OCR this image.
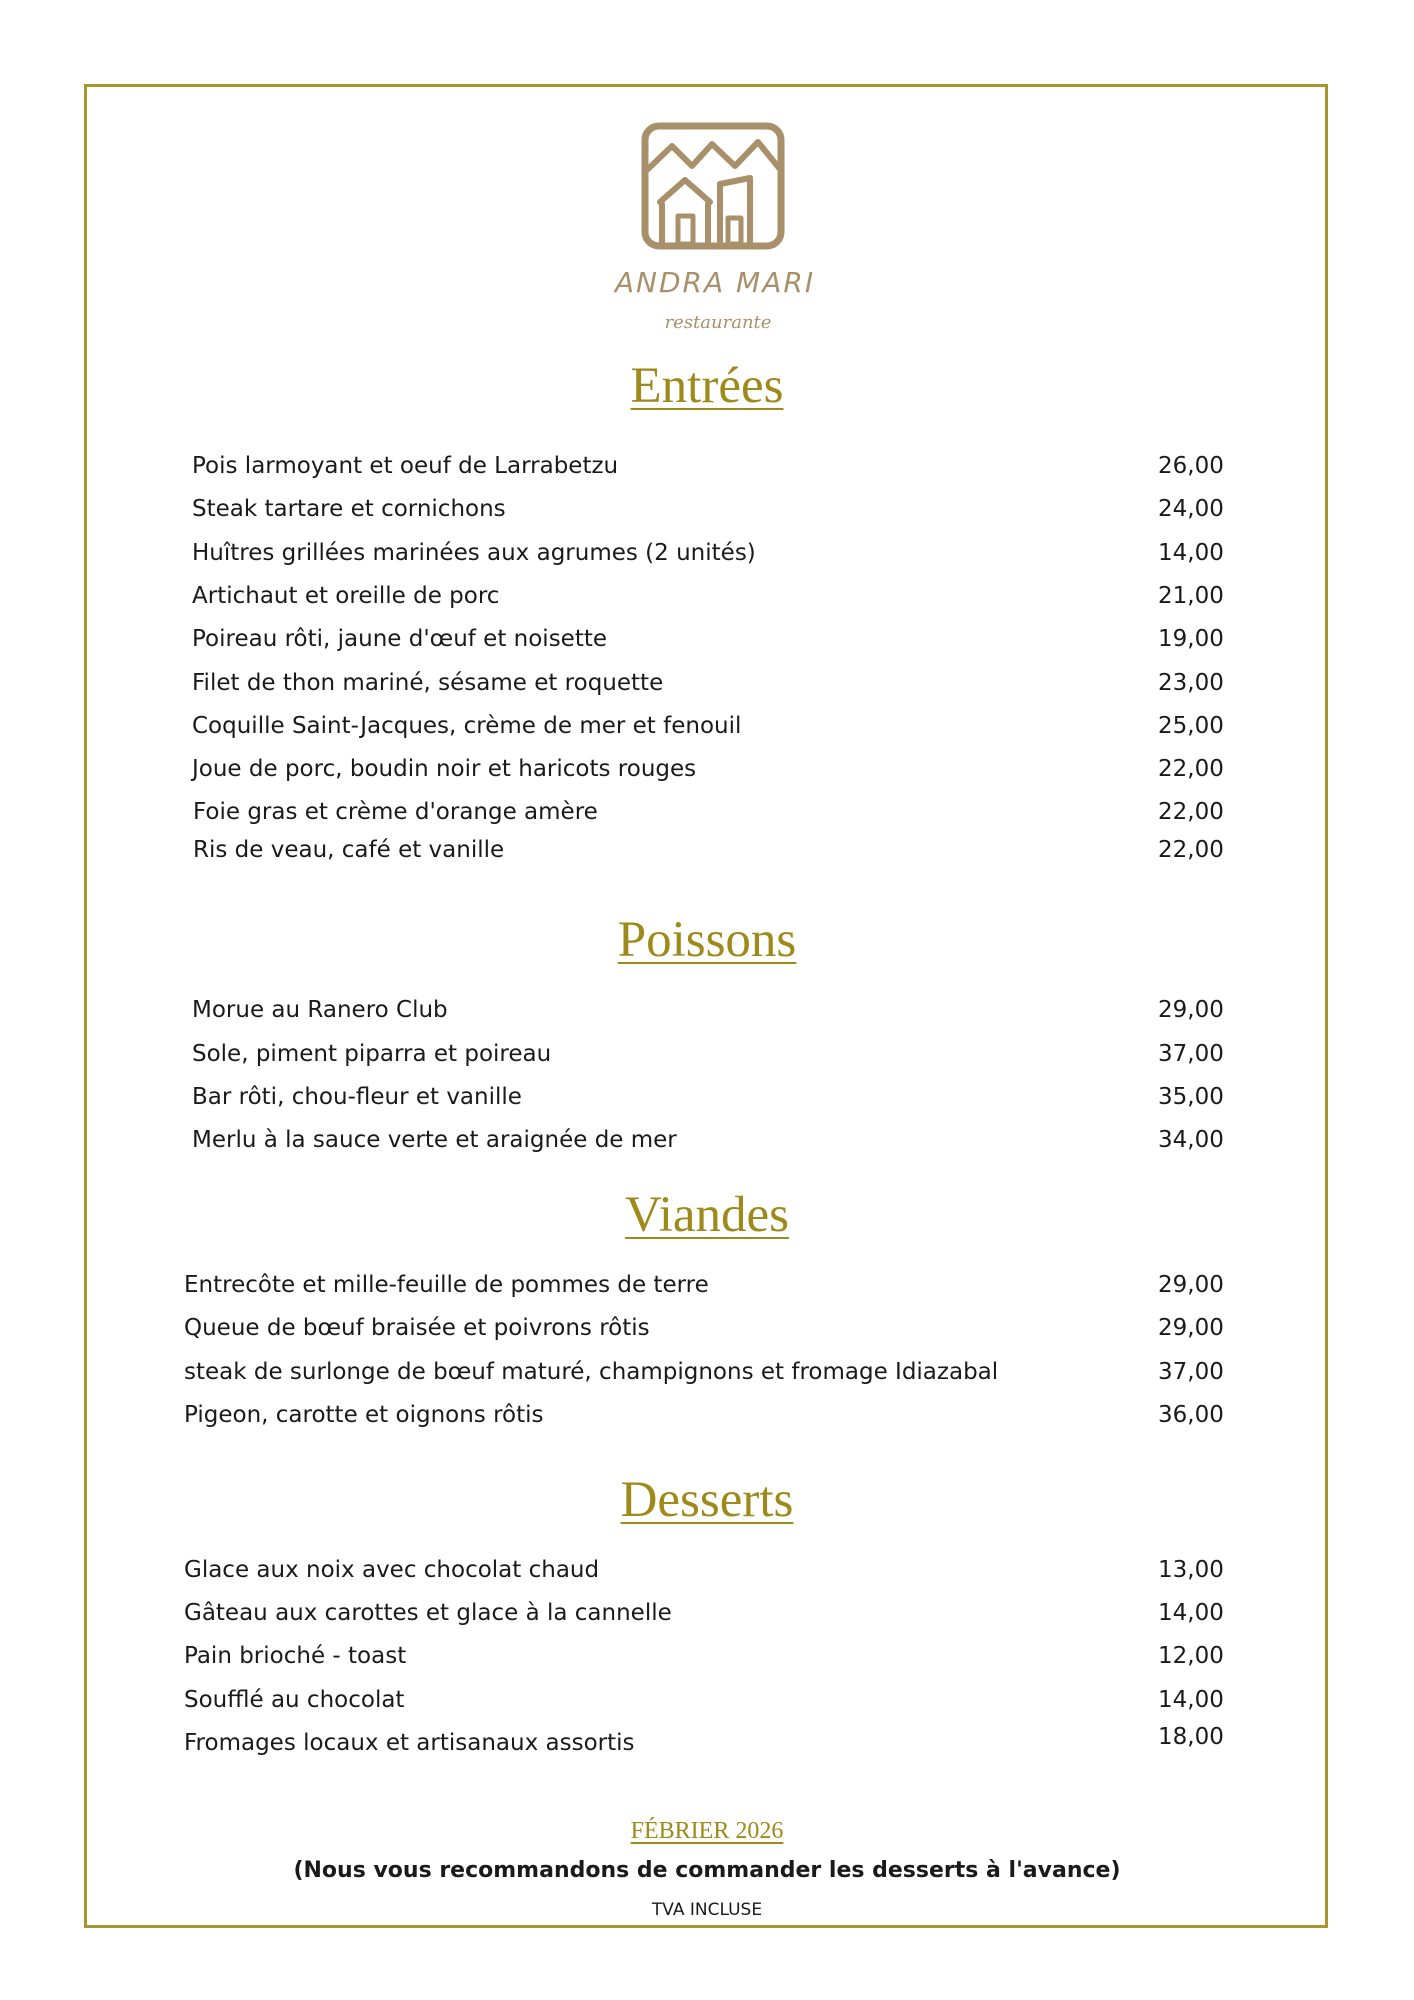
ANDRA MARI
restaurante
Entrées
Pois larmoyant et oeuf de Larrabetzu	26,00
Steak tartare et cornichons	24,00
Huîtres grillées marinées aux agrumes (2 unités)	14,00
Artichaut et oreille de porc	21,00
Poireau rôti, jaune d'œuf et noisette	19,00
Filet de thon mariné, sésame et roquette	23,00
Coquille Saint-Jacques, crème de mer et fenouil	25,00
Joue de porc, boudin noir et haricots rouges	22,00
Foie gras et crème d'orange amère	22,00
Ris de veau, café et vanille	22,00
Poissons
Morue au Ranero Club	29,00
Sole, piment piparra et poireau	37,00
Bar rôti, chou-fleur et vanille	35,00
Merlu à la sauce verte et araignée de mer	34,00
Viandes
Entrecôte et mille-feuille de pommes de terre	29,00
Queue de bœuf braisée et poivrons rôtis	29,00
steak de surlonge de bœuf maturé, champignons et fromage Idiazabal	37,00
Pigeon, carotte et oignons rôtis	36,00
Desserts
Glace aux noix avec chocolat chaud	13,00
Gâteau aux carottes et glace à la cannelle	14,00
Pain brioché - toast	12,00
Soufflé au chocolat	14,00
Fromages locaux et artisanaux assortis	18,00
FÉBRIER 2026
(Nous vous recommandons de commander les desserts à l'avance)
TVA INCLUSE
